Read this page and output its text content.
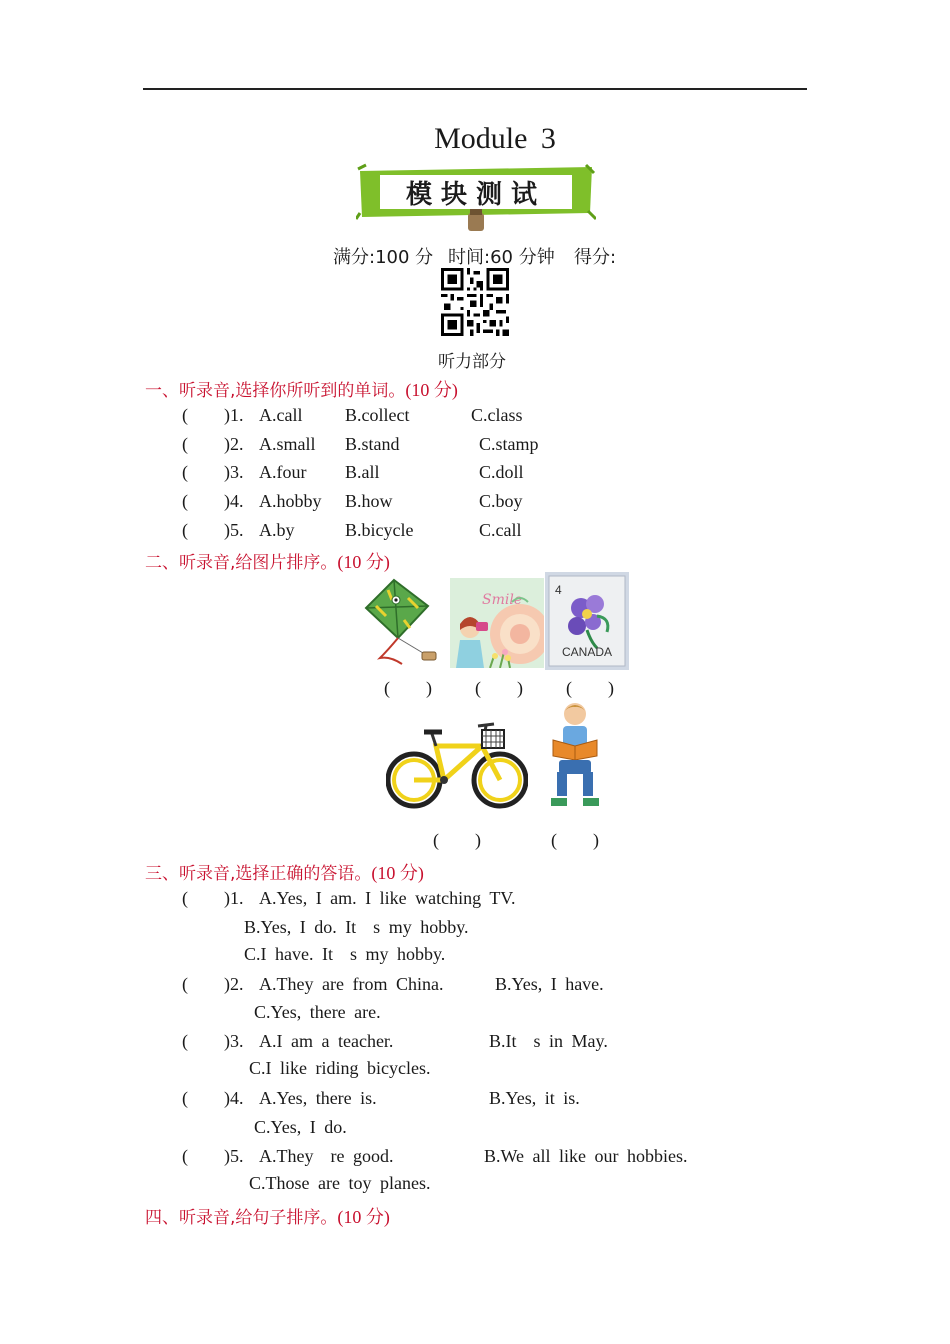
Module 3
模块测试
满分:100 分 时间:60 分钟 得分:
听力部分
一、听录音,选择你所听到的单词。(10 分)
(        )1. A.call B.collect	C.class
(        )2. A.small B.stand	C.stamp
(        )3. A.four B.all	C.doll
(        )4. A.hobby B.how	C.boy
(        )5. A.by	B.bicycle	C.call
二、听录音,给图片排序。(10 分)
Smile
4
CANADA
(        ) (        ) (        )
(        )	(        )
三、听录音,选择正确的答语。(10 分)
(        )1. A.Yes, I am. I like watching TV.
B.Yes, I do. It  s my hobby.
C.I have. It  s my hobby.
(        )2. A.They are from China.	B.Yes, I have.
C.Yes, there are.
(        )3. A.I am a teacher.	B.It  s in May.
C.I like riding bicycles.
(        )4. A.Yes, there is.	B.Yes, it is.
C.Yes, I do.
(        )5. A.They  re good.	B.We all like our hobbies.
C.Those are toy planes.
四、听录音,给句子排序。(10 分)
